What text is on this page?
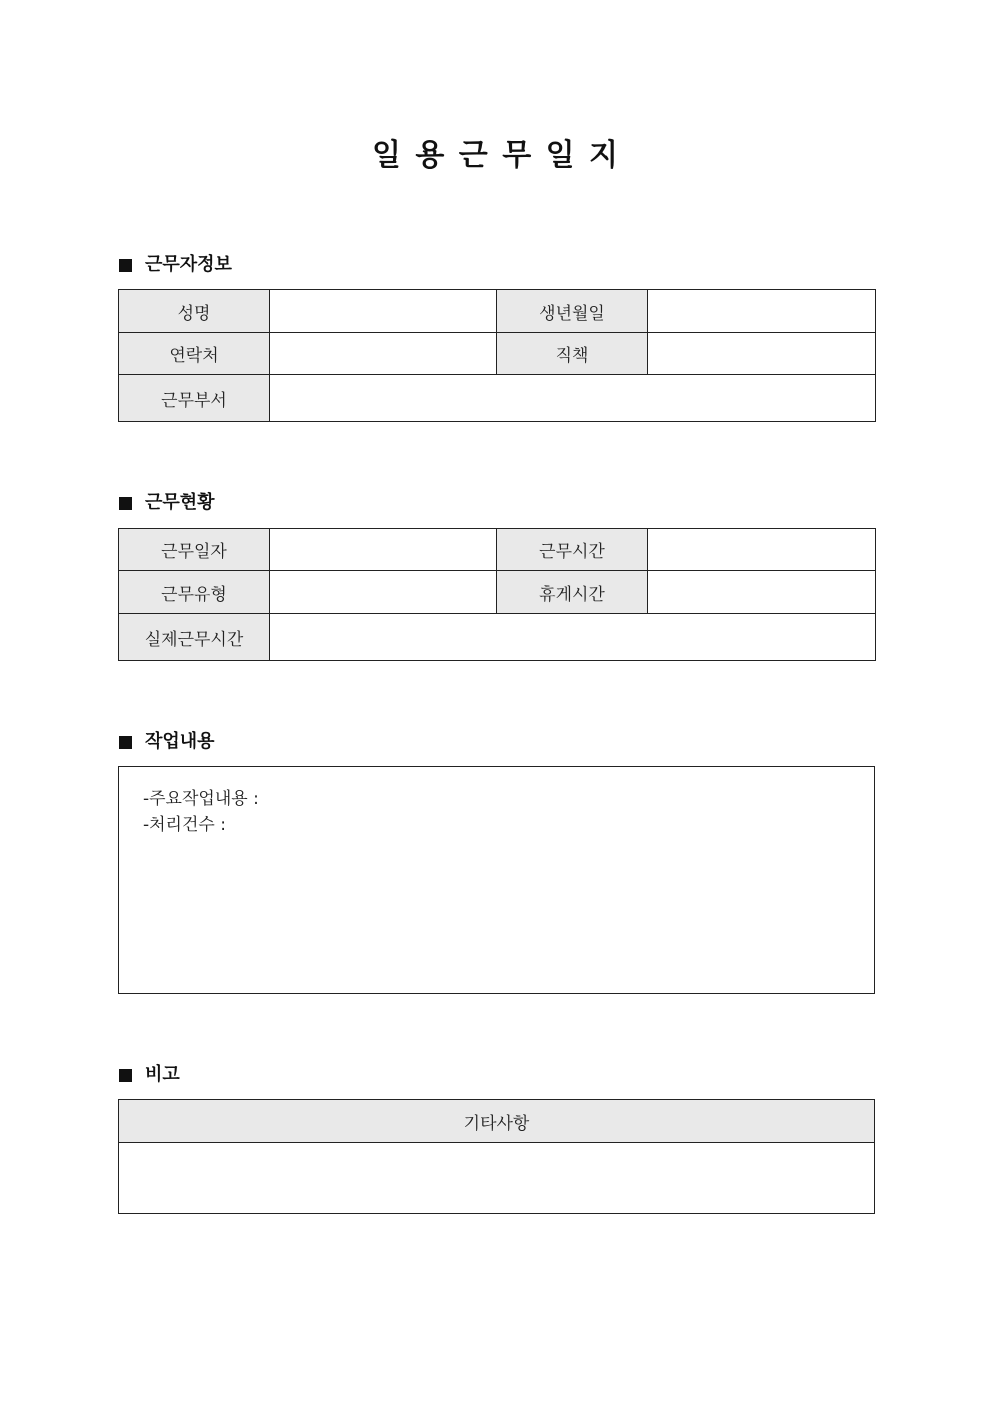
일 용 근 무 일 지
근무자정보
성명		생년월일	
연락처		직책	
근무부서			
근무현황
근무일자		근무시간	
근무유형		휴게시간	
실제근무시간			
작업내용
-주요작업내용 :
-처리건수 :
비고
기타사항
